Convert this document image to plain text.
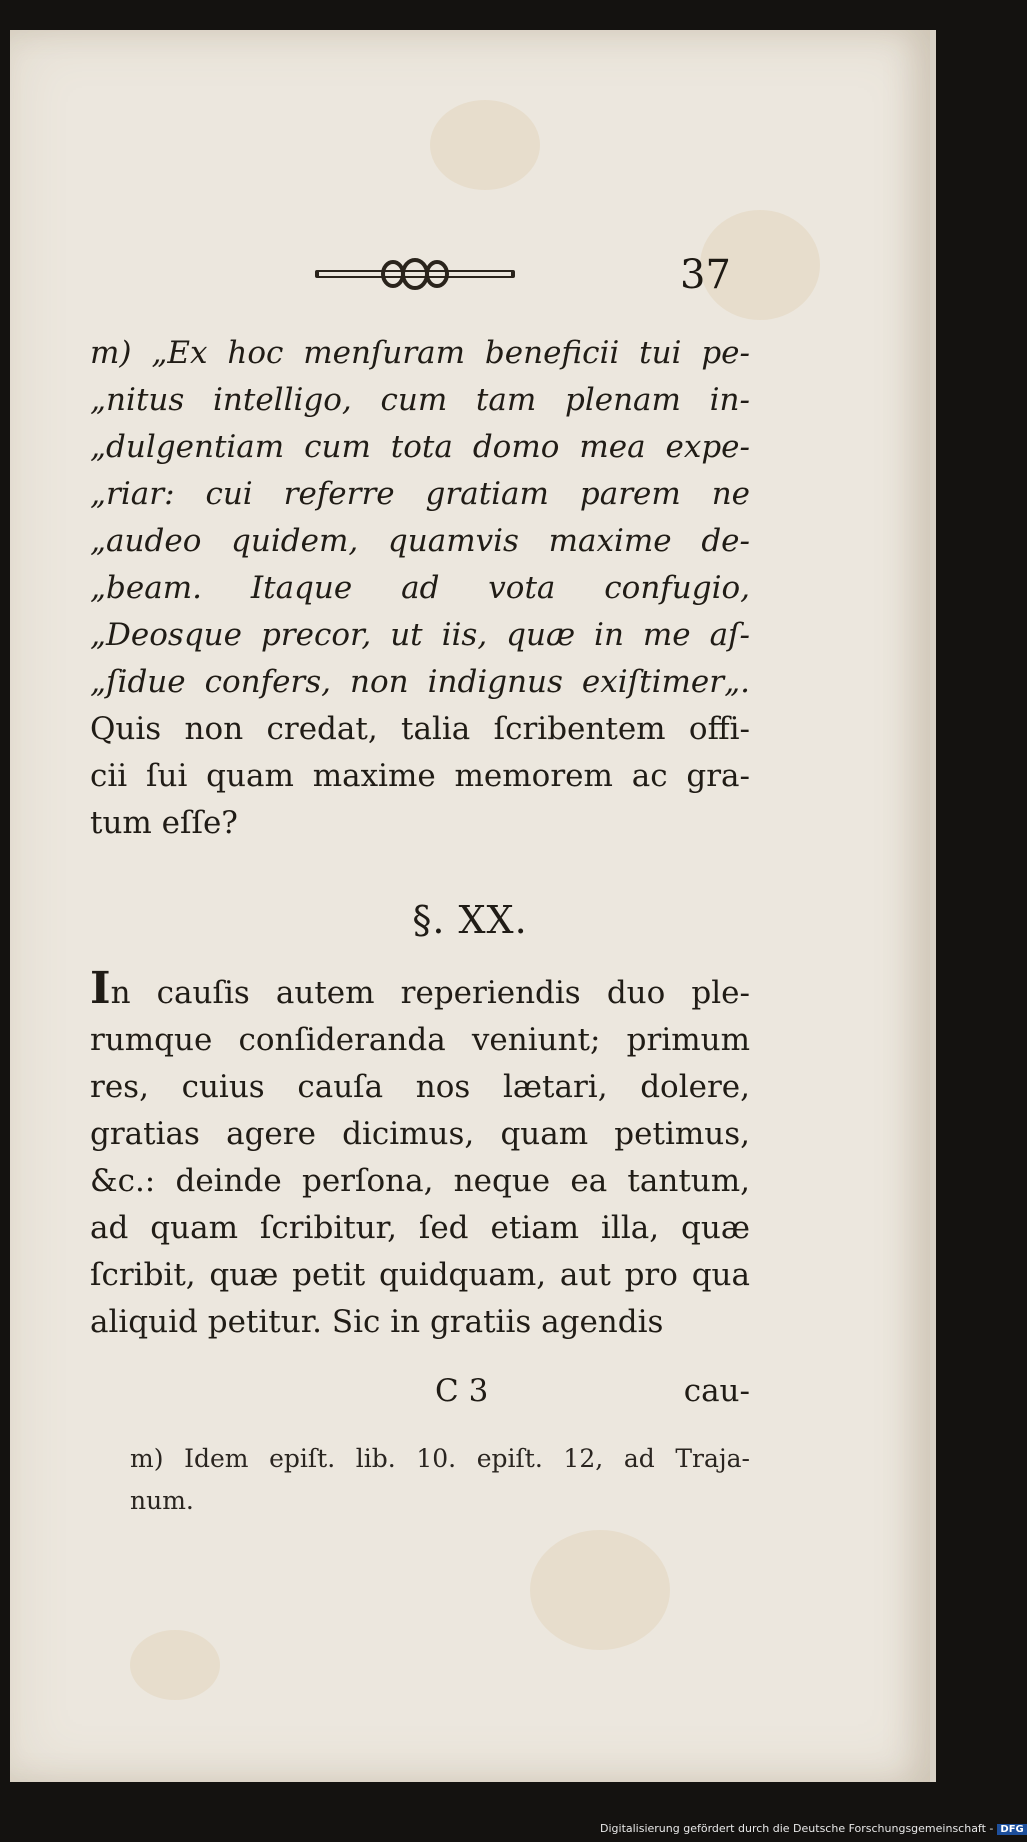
37
m) „Ex hoc menſuram beneficii tui pe-
„nitus intelligo, cum tam plenam in-
„dulgentiam cum tota domo mea expe-
„riar: cui referre gratiam parem ne
„audeo quidem, quamvis maxime de-
„beam. Itaque ad vota confugio,
„Deosque precor, ut iis, quæ in me aſ-
„ſidue confers, non indignus exiſtimer„.
Quis non credat, talia ſcribentem offi-
cii ſui quam maxime memorem ac gra-
tum eſſe?
§. XX.
In cauſis autem reperiendis duo ple-
rumque conſideranda veniunt; primum
res, cuius cauſa nos lætari, dolere,
gratias agere dicimus, quam petimus,
&c.: deinde perſona, neque ea tantum,
ad quam ſcribitur, ſed etiam illa, quæ
ſcribit, quæ petit quidquam, aut pro qua
aliquid petitur. Sic in gratiis agendis
C 3	cau-
m) Idem epiſt. lib. 10. epiſt. 12, ad Traja-
num.
Digitalisierung gefördert durch die Deutsche Forschungsgemeinschaft - DFG
